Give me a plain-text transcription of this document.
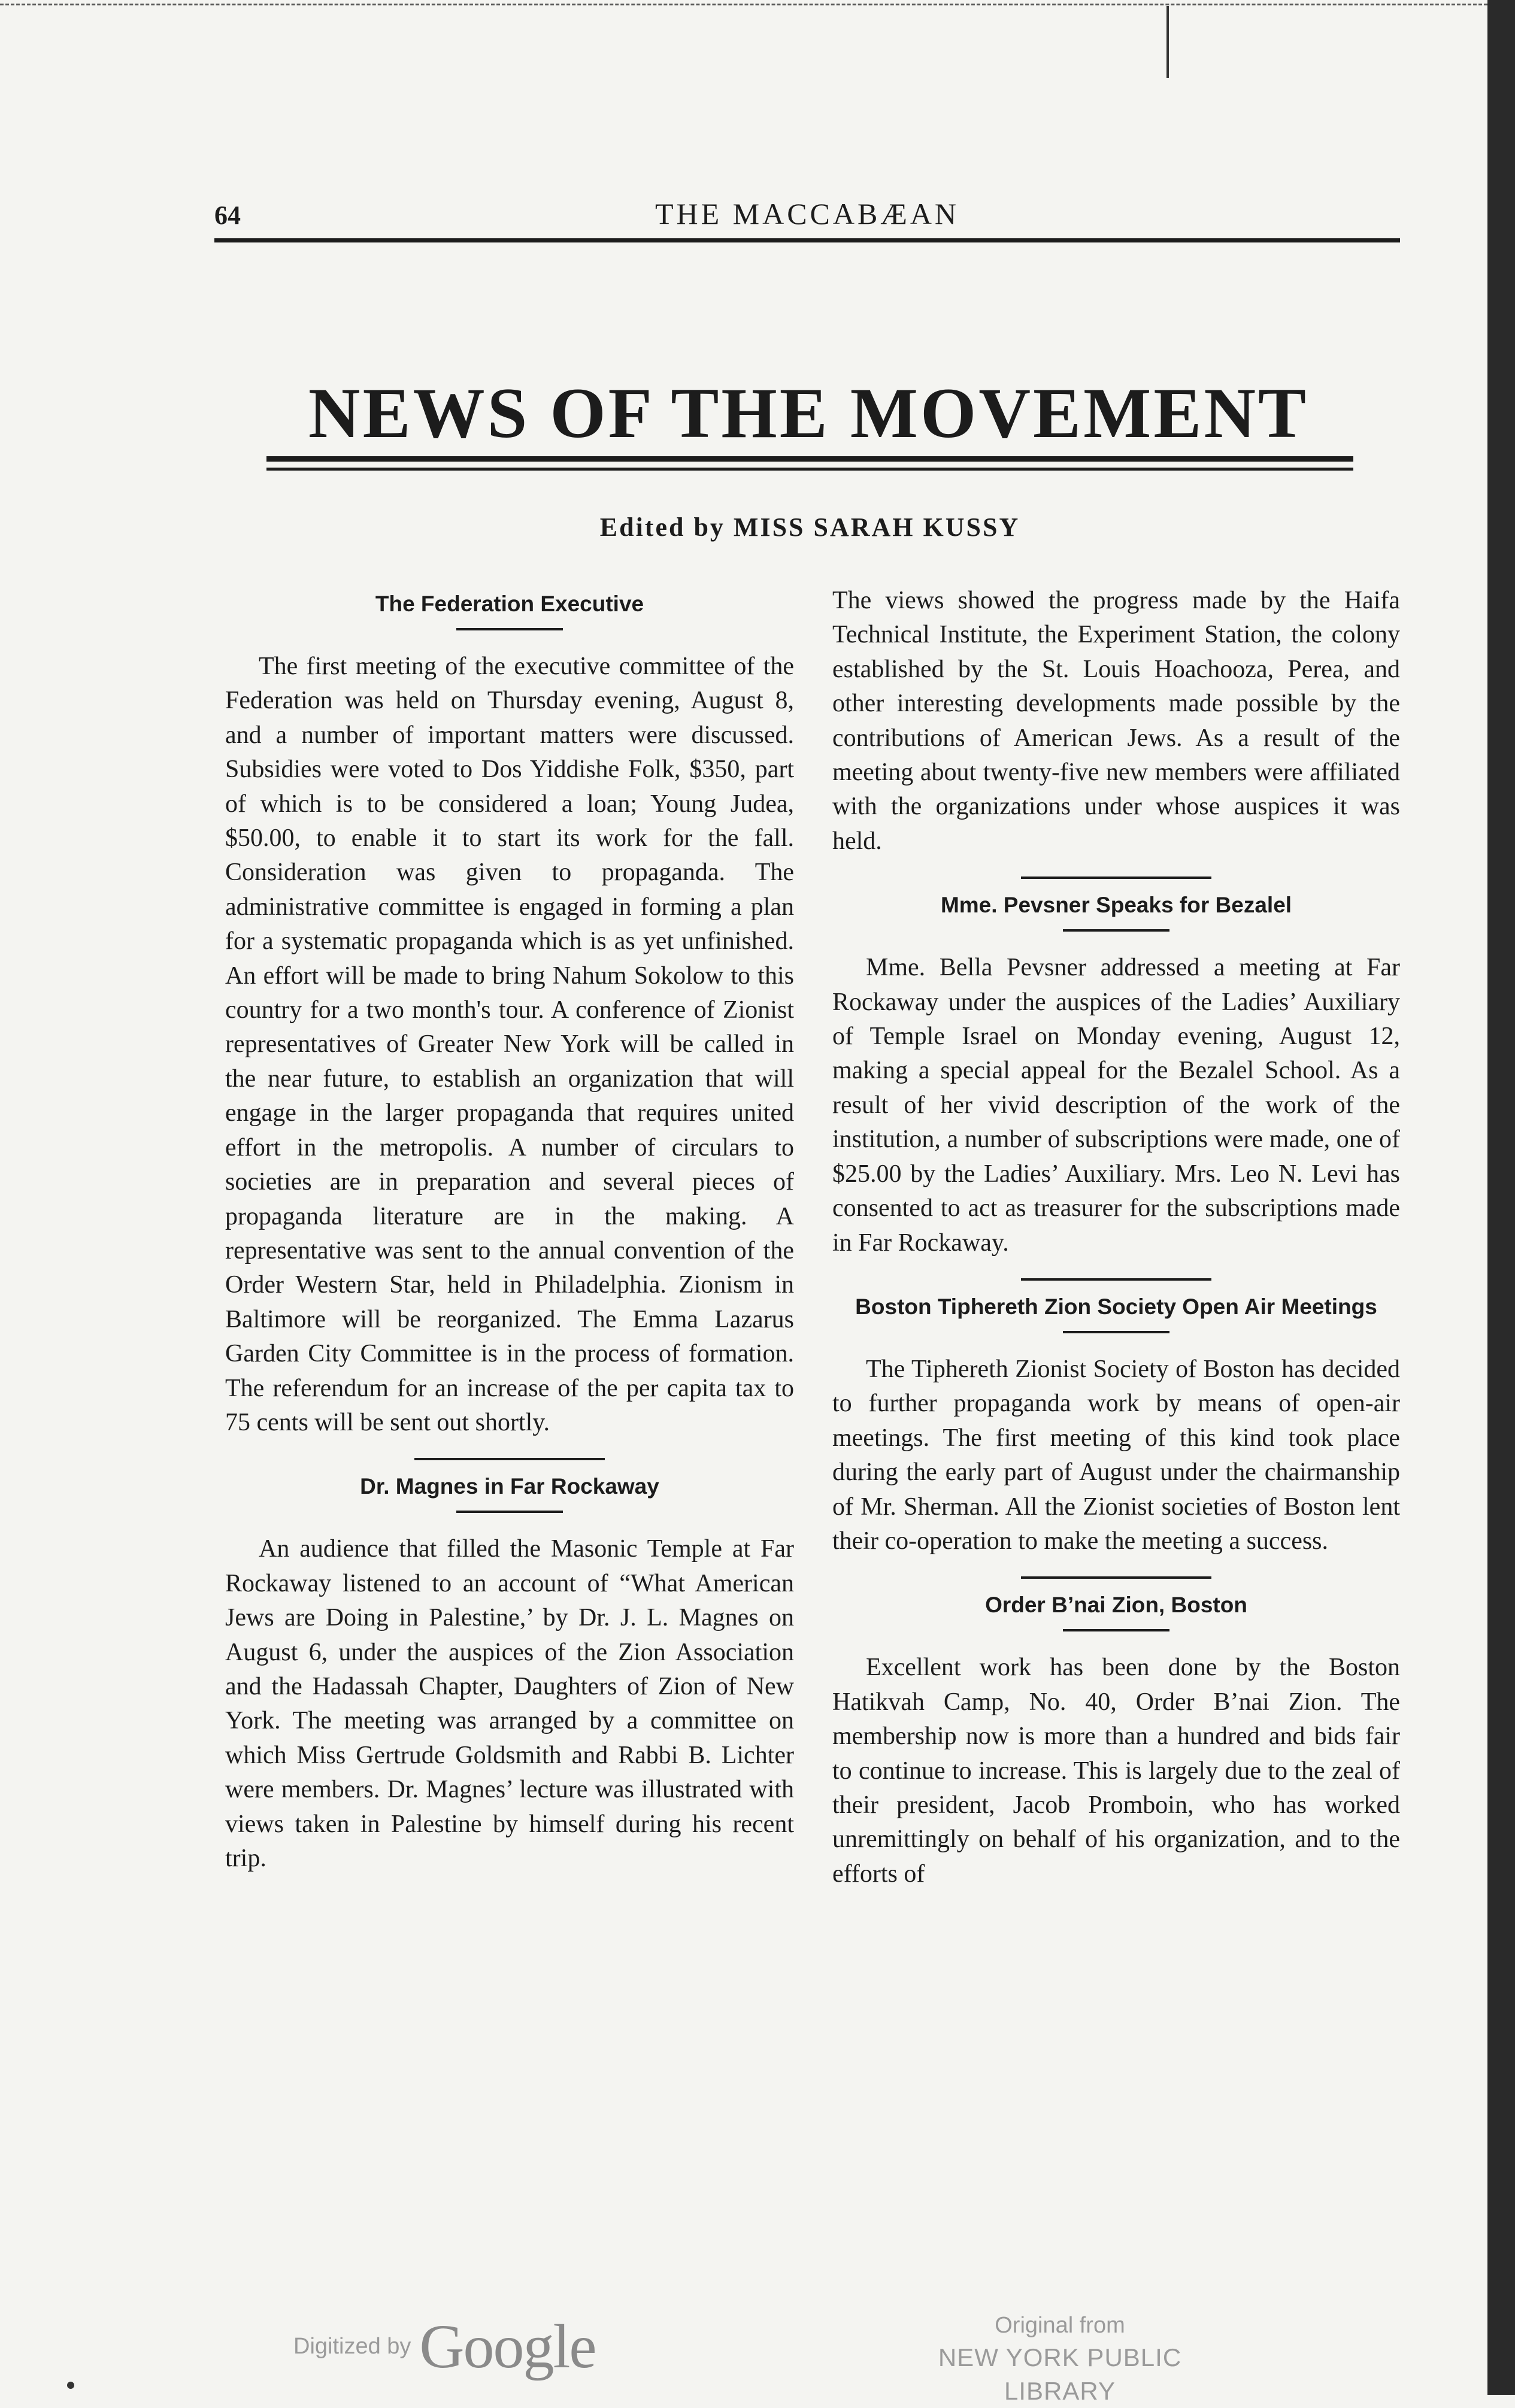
64	THE MACCABÆAN
NEWS OF THE MOVEMENT
Edited by MISS SARAH KUSSY
The Federation Executive

The first meeting of the executive committee of the Federation was held on Thursday evening, August 8, and a number of important matters were discussed. Subsidies were voted to Dos Yiddishe Folk, $350, part of which is to be considered a loan; Young Judea, $50.00, to enable it to start its work for the fall. Consideration was given to propaganda. The administrative committee is engaged in forming a plan for a systematic propaganda which is as yet unfinished. An effort will be made to bring Nahum Sokolow to this country for a two month's tour. A conference of Zionist representatives of Greater New York will be called in the near future, to establish an organization that will engage in the larger propaganda that requires united effort in the metropolis. A number of circulars to societies are in preparation and several pieces of propaganda literature are in the making. A representative was sent to the annual convention of the Order Western Star, held in Philadelphia. Zionism in Baltimore will be reorganized. The Emma Lazarus Garden City Committee is in the process of formation. The referendum for an increase of the per capita tax to 75 cents will be sent out shortly.

Dr. Magnes in Far Rockaway

An audience that filled the Masonic Temple at Far Rockaway listened to an account of “What American Jews are Doing in Palestine,’ by Dr. J. L. Magnes on August 6, under the auspices of the Zion Association and the Hadassah Chapter, Daughters of Zion of New York. The meeting was arranged by a committee on which Miss Gertrude Goldsmith and Rabbi B. Lichter were members. Dr. Magnes’ lecture was illustrated with views taken in Palestine by himself during his recent trip.

The views showed the progress made by the Haifa Technical Institute, the Experiment Station, the colony established by the St. Louis Hoachooza, Perea, and other interesting developments made possible by the contributions of American Jews. As a result of the meeting about twenty-five new members were affiliated with the organizations under whose auspices it was held.

Mme. Pevsner Speaks for Bezalel

Mme. Bella Pevsner addressed a meeting at Far Rockaway under the auspices of the Ladies’ Auxiliary of Temple Israel on Monday evening, August 12, making a special appeal for the Bezalel School. As a result of her vivid description of the work of the institution, a number of subscriptions were made, one of $25.00 by the Ladies’ Auxiliary. Mrs. Leo N. Levi has consented to act as treasurer for the subscriptions made in Far Rockaway.

Boston Tiphereth Zion Society Open Air Meetings

The Tiphereth Zionist Society of Boston has decided to further propaganda work by means of open-air meetings. The first meeting of this kind took place during the early part of August under the chairmanship of Mr. Sherman. All the Zionist societies of Boston lent their co-operation to make the meeting a success.

Order B’nai Zion, Boston

Excellent work has been done by the Boston Hatikvah Camp, No. 40, Order B’nai Zion. The membership now is more than a hundred and bids fair to continue to increase. This is largely due to the zeal of their president, Jacob Promboin, who has worked unremittingly on behalf of his organization, and to the efforts of

Digitized by Google	Original from
NEW YORK PUBLIC LIBRARY
